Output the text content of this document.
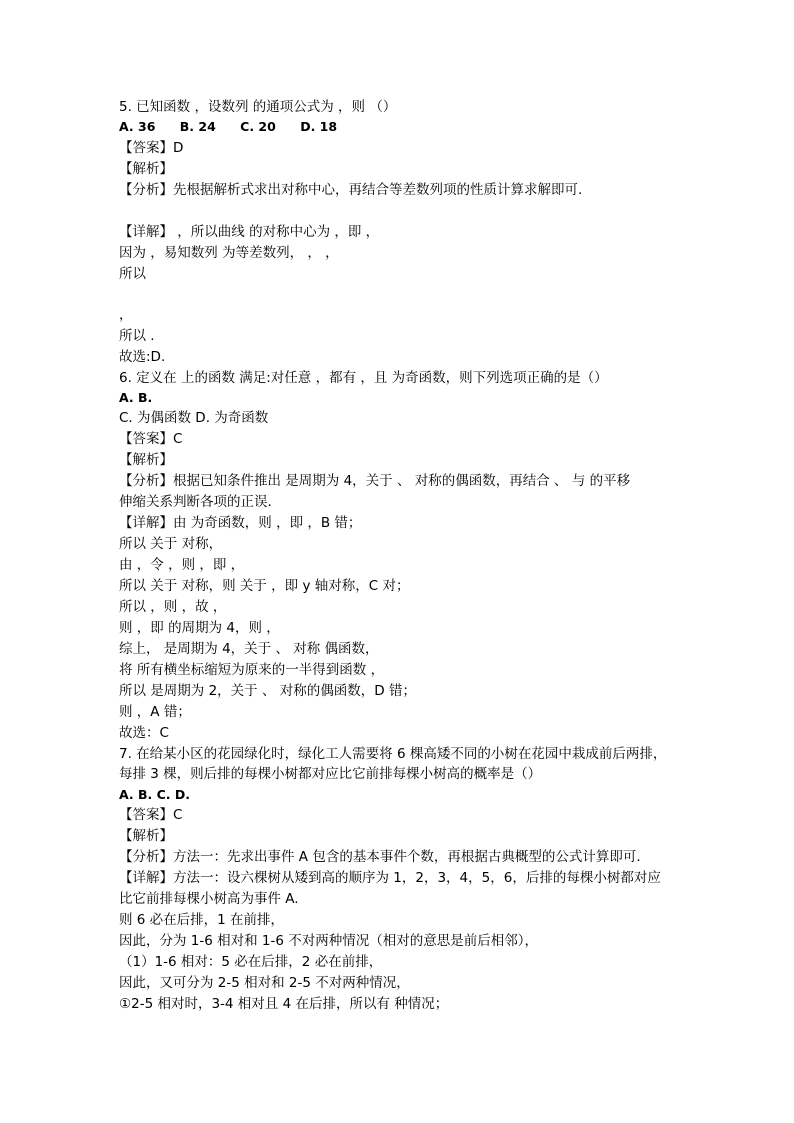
5. 已知函数 ，设数列 的通项公式为 ，则 （）
A. 36 B. 24 C. 20 D. 18
【答案】D
【解析】
【分析】先根据解析式求出对称中心，再结合等差数列项的性质计算求解即可.
【详解】 ，所以曲线 的对称中心为 ，即 ，
因为 ，易知数列 为等差数列， ， ，
所以
，
所以 .
故选:D.
6. 定义在 上的函数 满足:对任意 ，都有 ，且 为奇函数，则下列选项正确的是（）
A. B.
C. 为偶函数 D. 为奇函数
【答案】C
【解析】
【分析】根据已知条件推出 是周期为 4，关于 、 对称的偶函数，再结合 、 与 的平移
伸缩关系判断各项的正误.
【详解】由 为奇函数，则 ，即 ，B 错；
所以 关于 对称，
由 ，令 ，则 ，即 ，
所以 关于 对称，则 关于 ，即 y 轴对称，C 对；
所以 ，则 ，故 ，
则 ，即 的周期为 4，则 ，
综上， 是周期为 4，关于 、 对称 偶函数，
将 所有横坐标缩短为原来的一半得到函数 ，
所以 是周期为 2，关于 、 对称的偶函数，D 错；
则 ，A 错；
故选：C
7. 在给某小区的花园绿化时，绿化工人需要将 6 棵高矮不同的小树在花园中栽成前后两排，
每排 3 棵，则后排的每棵小树都对应比它前排每棵小树高的概率是（）
A. B. C. D.
【答案】C
【解析】
【分析】方法一：先求出事件 A 包含的基本事件个数，再根据古典概型的公式计算即可.
【详解】方法一：设六棵树从矮到高的顺序为 1，2，3，4，5，6，后排的每棵小树都对应
比它前排每棵小树高为事件 A.
则 6 必在后排，1 在前排，
因此，分为 1-6 相对和 1-6 不对两种情况（相对的意思是前后相邻），
（1）1-6 相对：5 必在后排，2 必在前排，
因此，又可分为 2-5 相对和 2-5 不对两种情况，
①2-5 相对时，3-4 相对且 4 在后排，所以有 种情况；
